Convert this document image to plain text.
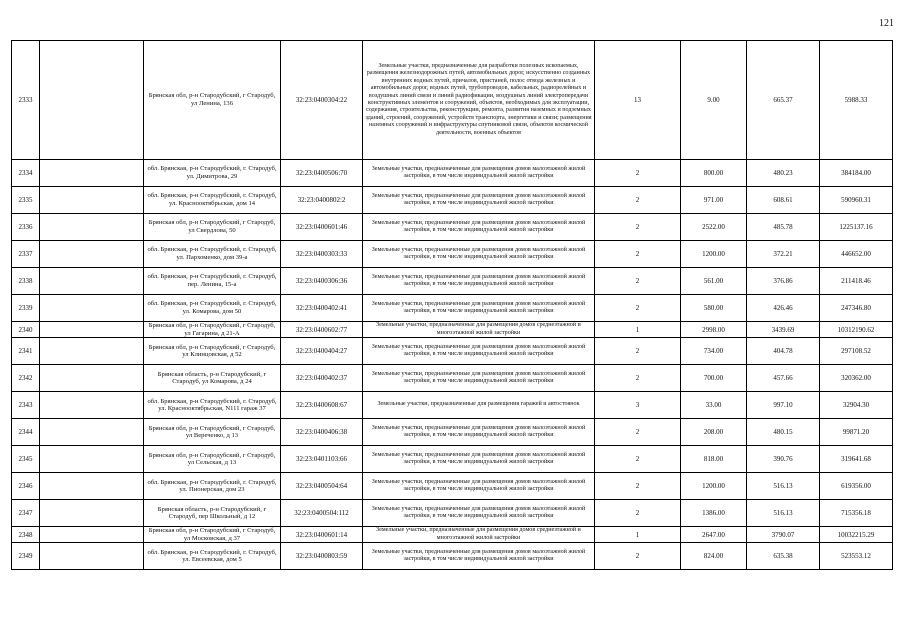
121
2333		Брянская обл, р-н Стародубский, г Стародуб, ул Ленина, 136	32:23:0400304:22	Земельные участки, предназначенные для разработки полезных ископаемых, размещения железнодорожных путей, автомобильных дорог, искусственно созданных внутренних водных путей, причалов, пристаней, полос отвода железных и автомобильных дорог, водных путей, трубопроводов, кабельных, радиорелейных и воздушных линий связи и линий радиофикации, воздушных линий электропередачи конструктивных элементов и сооружений, объектов, необходимых для эксплуатации, содержания, строительства, реконструкции, ремонта, развития наземных и подземных зданий, строений, сооружений, устройств транспорта, энергетики и связи; размещения наземных сооружений и инфраструктуры спутниковой связи, объектов космической деятельности, военных объектов	13	9.00	665.37	5988.33
2334		обл. Брянская, р-н Стародубский, г. Стародуб, ул. Димитрова, 29	32:23:0400506:70	Земельные участки, предназначенные для размещения домов малоэтажной жилой застройки, в том числе индивидуальной жилой застройки	2	800.00	480.23	384184.00
2335		обл. Брянская, р-н Стародубский, г. Стародуб, ул. Краснооктябрьская, дом 14	32:23:0400802:2	Земельные участки, предназначенные для размещения домов малоэтажной жилой застройки, в том числе индивидуальной жилой застройки	2	971.00	608.61	590960.31
2336		Брянская обл, р-н Стародубский, г Стародуб, ул Свердлова, 50	32:23:0400601:46	Земельные участки, предназначенные для размещения домов малоэтажной жилой застройки, в том числе индивидуальной жилой застройки	2	2522.00	485.78	1225137.16
2337		обл. Брянская, р-н Стародубский, г. Стародуб, ул. Пархоменко, дом 39-а	32:23:0400303:33	Земельные участки, предназначенные для размещения домов малоэтажной жилой застройки, в том числе индивидуальной жилой застройки	2	1200.00	372.21	446652.00
2338		обл. Брянская, р-н Стародубский, г. Стародуб, пер. Ленина, 15-а	32:23:0400306:36	Земельные участки, предназначенные для размещения домов малоэтажной жилой застройки, в том числе индивидуальной жилой застройки	2	561.00	376.86	211418.46
2339		обл. Брянская, р-н Стародубский, г. Стародуб, ул. Комарова, дом 50	32:23:0400402:41	Земельные участки, предназначенные для размещения домов малоэтажной жилой застройки, в том числе индивидуальной жилой застройки	2	580.00	426.46	247346.80
2340		Брянская обл, р-н Стародубский, г Стародуб, ул Гагарина, д 21-А	32:23:0400602:77	Земельные участки, предназначенные для размещения домов среднеэтажной и многоэтажной жилой застройки	1	2998.00	3439.69	10312190.62
2341		Брянская обл, р-н Стародубский, г Стародуб, ул Клинцовская, д 52	32:23:0400404:27	Земельные участки, предназначенные для размещения домов малоэтажной жилой застройки, в том числе индивидуальной жилой застройки	2	734.00	404.78	297108.52
2342		Брянская область, р-н Стародубский, г Стародуб, ул Комарова, д 24	32:23:0400402:37	Земельные участки, предназначенные для размещения домов малоэтажной жилой застройки, в том числе индивидуальной жилой застройки	2	700.00	457.66	320362.00
2343		обл. Брянская, р-н Стародубский, г. Стародуб, ул. Краснооктябрьская, N111 гараж 37	32:23:0400608:67	Земельные участки, предназначенные для размещения гаражей и автостоянок	3	33.00	997.10	32904.30
2344		Брянская обл, р-н Стародубский, г Стародуб, ул Вереченко, д 13	32:23:0400406:38	Земельные участки, предназначенные для размещения домов малоэтажной жилой застройки, в том числе индивидуальной жилой застройки	2	208.00	480.15	99871.20
2345		Брянская обл, р-н Стародубский, г Стародуб, ул Сельская, д 13	32:23:0401103:66	Земельные участки, предназначенные для размещения домов малоэтажной жилой застройки, в том числе индивидуальной жилой застройки	2	818.00	390.76	319641.68
2346		обл. Брянская, р-н Стародубский, г. Стародуб, ул. Пионерская, дом 23	32:23:0400504:64	Земельные участки, предназначенные для размещения домов малоэтажной жилой застройки, в том числе индивидуальной жилой застройки	2	1200.00	516.13	619356.00
2347		Брянская область, р-н Стародубский, г Стародуб, пер Школьный, д 12	32:23:0400504:112	Земельные участки, предназначенные для размещения домов малоэтажной жилой застройки, в том числе индивидуальной жилой застройки	2	1386.00	516.13	715356.18
2348		Брянская обл, р-н Стародубский, г Стародуб, ул Московская, д 37	32:23:0400601:14	Земельные участки, предназначенные для размещения домов среднеэтажной и многоэтажной жилой застройки	1	2647.00	3790.07	10032215.29
2349		обл. Брянская, р-н Стародубский, г. Стародуб, ул. Евсеевская, дом 5	32:23:0400803:59	Земельные участки, предназначенные для размещения домов малоэтажной жилой застройки, в том числе индивидуальной жилой застройки	2	824.00	635.38	523553.12
